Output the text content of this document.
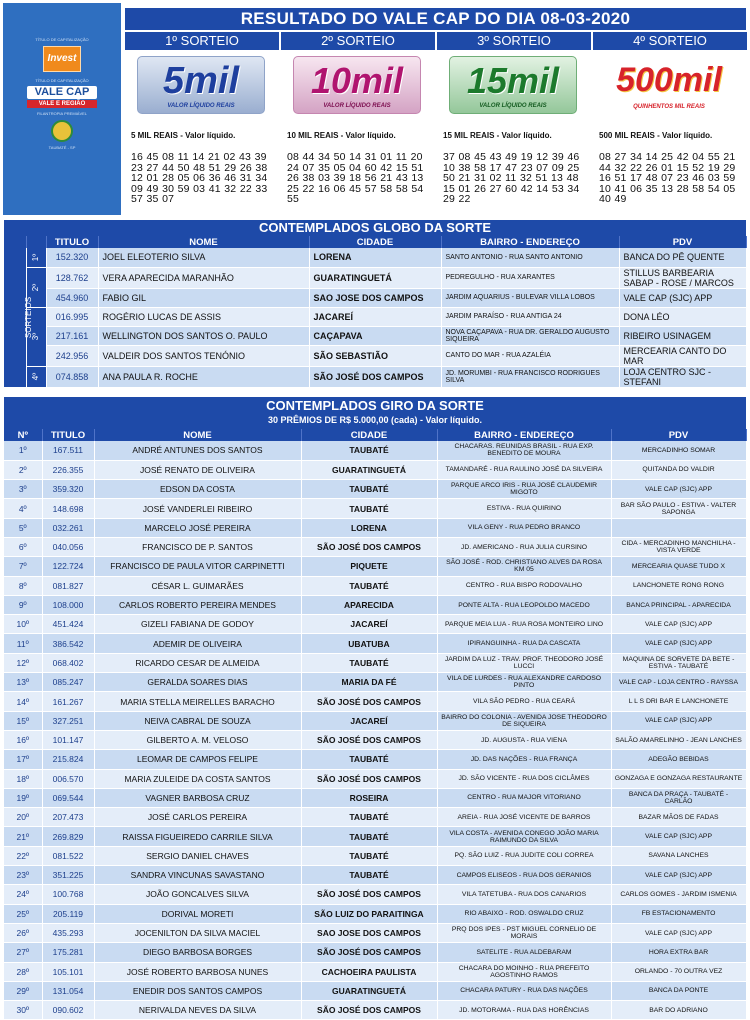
TÍTULO DE CAPITALIZAÇÃO
Invest
TÍTULO DE CAPITALIZAÇÃO
VALE CAP
VALE E REGIÃO
FILANTROPIA PREMIÁVEL
TAUBATÉ - SP
RESULTADO DO VALE CAP DO DIA 08-03-2020
1º SORTEIO
5mil
VALOR LÍQUIDO REAIS
5 MIL REAIS - Valor líquido.
16 45 08 11 14 21 02 43 39
23 27 44 50 48 51 29 26 38
12 01 28 05 06 36 46 31 34
09 49 30 59 03 41 32 22 33
57 35 07
2º SORTEIO
10mil
VALOR LÍQUIDO REAIS
10 MIL REAIS - Valor líquido.
08 44 34 50 14 31 01 11 20
24 07 35 05 04 60 42 15 51
26 38 03 39 18 56 21 43 13
25 22 16 06 45 57 58 58 54
55
3º SORTEIO
15mil
VALOR LÍQUIDO REAIS
15 MIL REAIS - Valor líquido.
37 08 45 43 49 19 12 39 46
10 38 58 17 47 23 07 09 25
50 21 31 02 11 32 51 13 48
15 01 26 27 60 42 14 53 34
29 22
4º SORTEIO
500mil
QUINHENTOS MIL REAIS
500 MIL REAIS - Valor líquido.
08 27 34 14 25 42 04 55 21
44 32 22 26 01 15 52 19 29
16 51 17 48 07 23 46 03 59
10 41 06 35 13 28 58 54 05
40 49
CONTEMPLADOS GLOBO DA SORTE
		TITULO	NOME	CIDADE	BAIRRO - ENDEREÇO	PDV
SORTEIOS	1º	152.320	JOEL ELEOTERIO SILVA	LORENA	SANTO ANTONIO - RUA SANTO ANTONIO	BANCA DO PÊ QUENTE
	2º	128.762	VERA APARECIDA MARANHÃO	GUARATINGUETÁ	PEDREGULHO - RUA XARANTES	STILLUS BARBEARIA SABAP - ROSE / MARCOS
		454.960	FABIO GIL	SAO JOSE DOS CAMPOS	JARDIM AQUARIUS - BULEVAR VILLA LOBOS	VALE CAP (SJC) APP
	3º	016.995	ROGÉRIO LUCAS DE ASSIS	JACAREÍ	JARDIM PARAÍSO - RUA ANTIGA 24	DONA LÉO
		217.161	WELLINGTON DOS SANTOS O. PAULO	CAÇAPAVA	NOVA CAÇAPAVA - RUA DR. GERALDO AUGUSTO SIQUEIRA	RIBEIRO USINAGEM
		242.956	VALDEIR DOS SANTOS TENÓNIO	SÃO SEBASTIÃO	CANTO DO MAR - RUA AZALÉIA	MERCEARIA CANTO DO MAR
	4º	074.858	ANA PAULA R. ROCHE	SÃO JOSÉ DOS CAMPOS	JD. MORUMBI - RUA FRANCISCO RODRIGUES SILVA	LOJA CENTRO SJC - STEFANI
CONTEMPLADOS GIRO DA SORTE
30 PRÊMIOS DE R$ 5.000,00 (cada) - Valor líquido.
Nº	TITULO	NOME	CIDADE	BAIRRO - ENDEREÇO	PDV
1º	167.511	ANDRÉ ANTUNES DOS SANTOS	TAUBATÉ	CHACARAS. REUNIDAS BRASIL - RUA EXP. BENEDITO DE MOURA	MERCADINHO SOMAR
2º	226.355	JOSÉ RENATO DE OLIVEIRA	GUARATINGUETÁ	TAMANDARÉ - RUA RAULINO JOSÉ DA SILVEIRA	QUITANDA DO VALDIR
3º	359.320	EDSON DA COSTA	TAUBATÉ	PARQUE ARCO IRIS - RUA JOSÉ CLAUDEMIR MIGOTO	VALE CAP (SJC) APP
4º	148.698	JOSÉ VANDERLEI RIBEIRO	TAUBATÉ	ESTIVA - RUA QUIRINO	BAR SÃO PAULO - ESTIVA - VALTER SAPONGA
5º	032.261	MARCELO JOSÉ PEREIRA	LORENA	VILA GENY - RUA PEDRO BRANCO	
6º	040.056	FRANCISCO DE P. SANTOS	SÃO JOSÉ DOS CAMPOS	JD. AMERICANO - RUA JULIA CURSINO	CIDA - MERCADINHO MANCHILHA - VISTA VERDE
7º	122.724	FRANCISCO DE PAULA VITOR CARPINETTI	PIQUETE	SÃO JOSÉ - ROD. CHRISTIANO ALVES DA ROSA KM 05	MERCEARIA QUASE TUDO X
8º	081.827	CÉSAR L. GUIMARÃES	TAUBATÉ	CENTRO - RUA BISPO RODOVALHO	LANCHONETE RONG RONG
9º	108.000	CARLOS ROBERTO PEREIRA MENDES	APARECIDA	PONTE ALTA - RUA LEOPOLDO MACEDO	BANCA PRINCIPAL - APARECIDA
10º	451.424	GIZELI FABIANA DE GODOY	JACAREÍ	PARQUE MEIA LUA - RUA ROSA MONTEIRO LINO	VALE CAP (SJC) APP
11º	386.542	ADEMIR DE OLIVEIRA	UBATUBA	IPIRANGUINHA - RUA DA CASCATA	VALE CAP (SJC) APP
12º	068.402	RICARDO CESAR DE ALMEIDA	TAUBATÉ	JARDIM DA LUZ - TRAV. PROF. THEODORO JOSÉ LUCCI	MAQUINA DE SORVETE DA BETE - ESTIVA - TAUBATÉ
13º	085.247	GERALDA SOARES DIAS	MARIA DA FÉ	VILA DE LURDES - RUA ALEXANDRE CARDOSO PINTO	VALE CAP - LOJA CENTRO - RAYSSA
14º	161.267	MARIA STELLA MEIRELLES BARACHO	SÃO JOSÉ DOS CAMPOS	VILA SÃO PEDRO - RUA CEARÁ	L L S DRI BAR E LANCHONETE
15º	327.251	NEIVA CABRAL DE SOUZA	JACAREÍ	BAIRRO DO COLONIA - AVENIDA JOSE THEODORO DE SIQUEIRA	VALE CAP (SJC) APP
16º	101.147	GILBERTO A. M. VELOSO	SÃO JOSÉ DOS CAMPOS	JD. AUGUSTA - RUA VIENA	SALÃO AMARELINHO - JEAN LANCHES
17º	215.824	LEOMAR DE CAMPOS FELIPE	TAUBATÉ	JD. DAS NAÇÕES - RUA FRANÇA	ADEGÃO BEBIDAS
18º	006.570	MARIA ZULEIDE DA COSTA SANTOS	SÃO JOSÉ DOS CAMPOS	JD. SÃO VICENTE - RUA DOS CICLÂMES	GONZAGA E GONZAGA RESTAURANTE
19º	069.544	VAGNER BARBOSA CRUZ	ROSEIRA	CENTRO - RUA MAJOR VITORIANO	BANCA DA PRAÇA - TAUBATÉ - CARLÃO
20º	207.473	JOSÉ CARLOS PEREIRA	TAUBATÉ	AREIA - RUA JOSÉ VICENTE DE BARROS	BAZAR MÃOS DE FADAS
21º	269.829	RAISSA FIGUEIREDO CARRILE SILVA	TAUBATÉ	VILA COSTA - AVENIDA CONEGO JOÃO MARIA RAIMUNDO DA SILVA	VALE CAP (SJC) APP
22º	081.522	SERGIO DANIEL CHAVES	TAUBATÉ	PQ. SÃO LUIZ - RUA JUDITE COLI CORREA	SAVANA LANCHES
23º	351.225	SANDRA VINCUNAS SAVASTANO	TAUBATÉ	CAMPOS ELISEOS - RUA DOS GERANIOS	VALE CAP (SJC) APP
24º	100.768	JOÃO GONCALVES SILVA	SÃO JOSÉ DOS CAMPOS	VILA TATETUBA - RUA DOS CANARIOS	CARLOS GOMES - JARDIM ISMENIA
25º	205.119	DORIVAL MORETI	SÃO LUIZ DO PARAITINGA	RIO ABAIXO - ROD. OSWALDO CRUZ	FB ESTACIONAMENTO
26º	435.293	JOCENILTON DA SILVA MACIEL	SAO JOSE DOS CAMPOS	PRQ DOS IPES - PST MIGUEL CORNELIO DE MORAIS	VALE CAP (SJC) APP
27º	175.281	DIEGO BARBOSA BORGES	SÃO JOSÉ DOS CAMPOS	SATELITE - RUA ALDEBARAM	HORA EXTRA BAR
28º	105.101	JOSÉ ROBERTO BARBOSA NUNES	CACHOEIRA PAULISTA	CHACARA DO MOINHO - RUA PREFEITO AGOSTINHO RAMOS	ORLANDO - 70 OUTRA VEZ
29º	131.054	ENEDIR DOS SANTOS CAMPOS	GUARATINGUETÁ	CHACARA PATURY - RUA DAS NAÇÕES	BANCA DA PONTE
30º	090.602	NERIVALDA NEVES DA SILVA	SÃO JOSÉ DOS CAMPOS	JD. MOTORAMA - RUA DAS HORÊNCIAS	BAR DO ADRIANO
